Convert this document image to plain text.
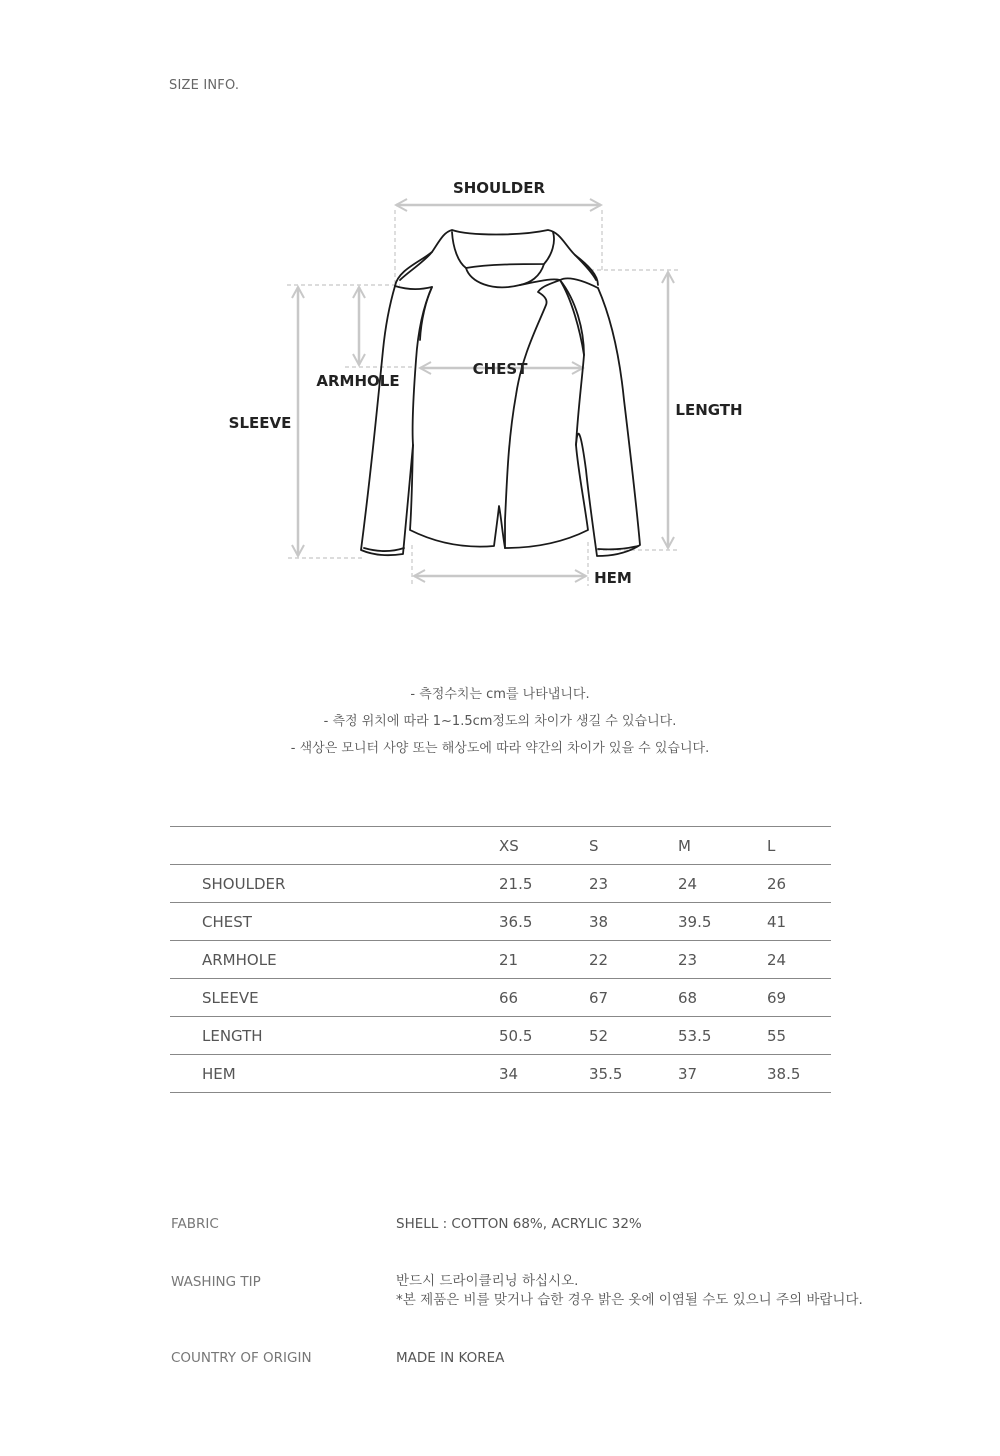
SIZE INFO.
SHOULDER
CHEST
ARMHOLE
SLEEVE
LENGTH
HEM
- 측정수치는 cm를 나타냅니다.
- 측정 위치에 따라 1~1.5cm정도의 차이가 생길 수 있습니다.
- 색상은 모니터 사양 또는 해상도에 따라 약간의 차이가 있을 수 있습니다.
	XS	S	M	L
SHOULDER	21.5	23	24	26
CHEST	36.5	38	39.5	41
ARMHOLE	21	22	23	24
SLEEVE	66	67	68	69
LENGTH	50.5	52	53.5	55
HEM	34	35.5	37	38.5
FABRIC	SHELL : COTTON 68%, ACRYLIC 32%
WASHING TIP	반드시 드라이클리닝 하십시오.
*본 제품은 비를 맞거나 습한 경우 밝은 옷에 이염될 수도 있으니 주의 바랍니다.
COUNTRY OF ORIGIN	MADE IN KOREA
